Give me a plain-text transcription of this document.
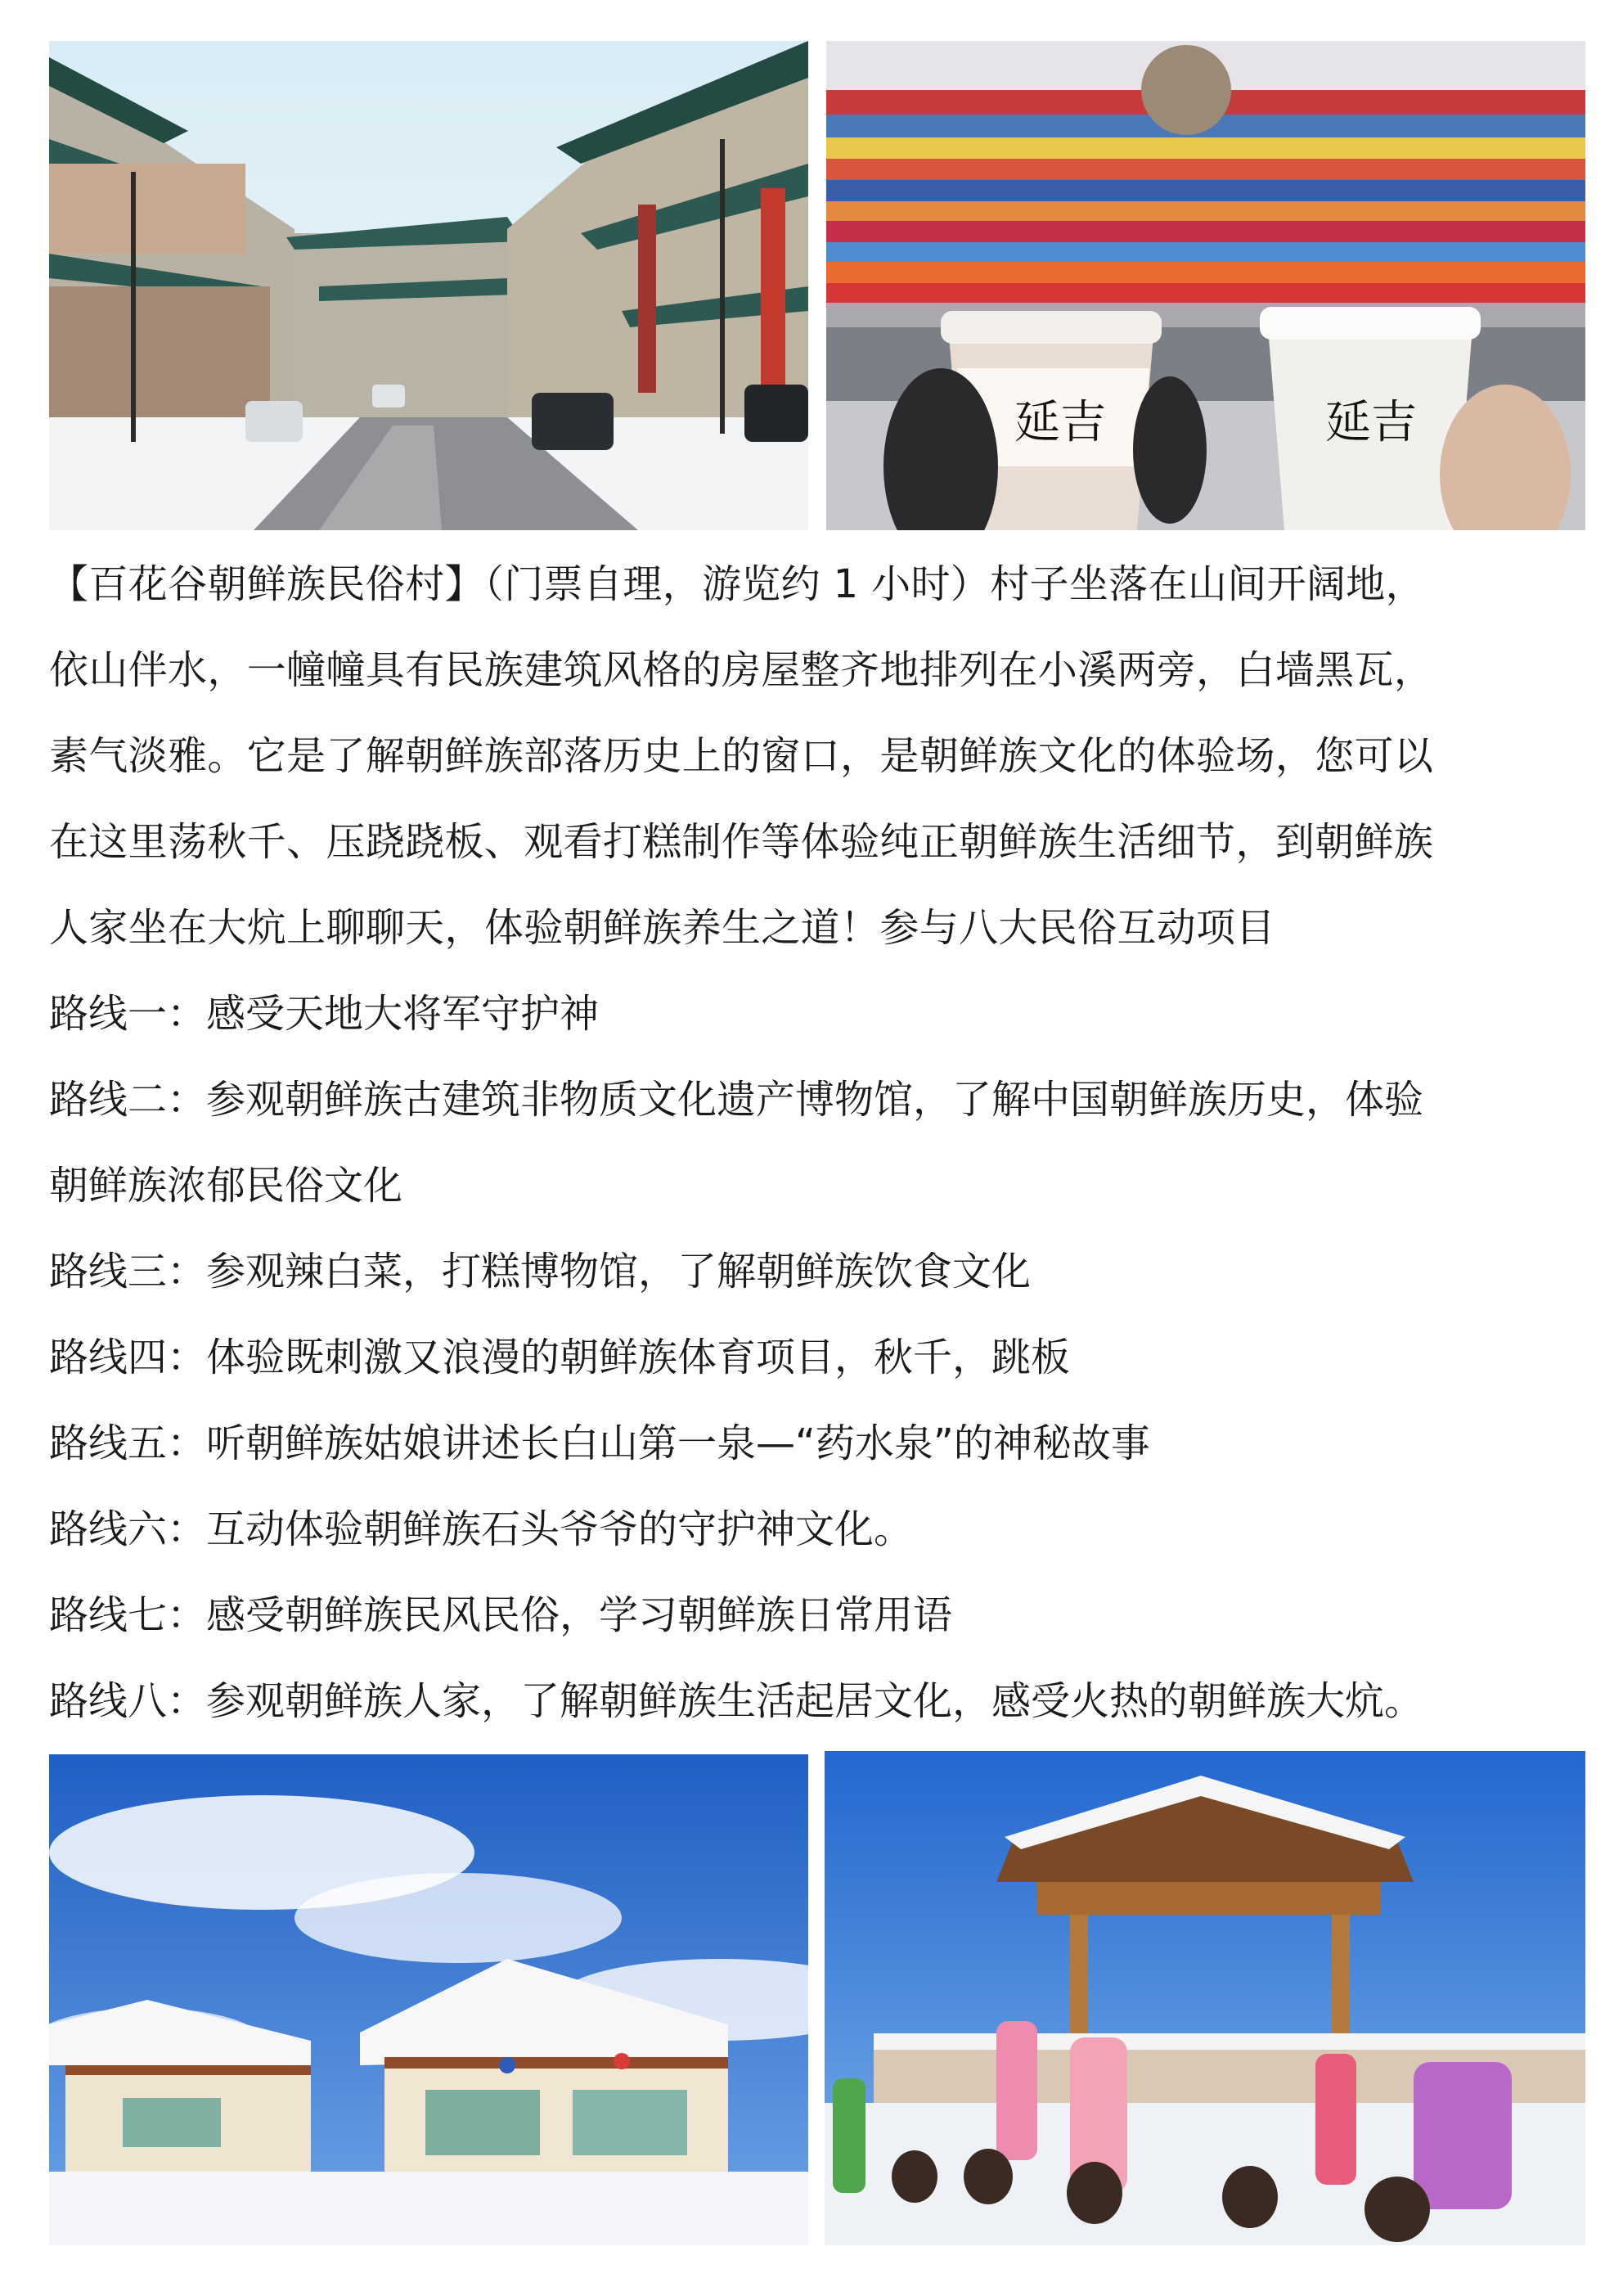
延吉	延吉

【百花谷朝鲜族民俗村】（门票自理，游览约 1 小时）村子坐落在山间开阔地，

依山伴水，一幢幢具有民族建筑风格的房屋整齐地排列在小溪两旁，白墙黑瓦，

素气淡雅。它是了解朝鲜族部落历史上的窗口，是朝鲜族文化的体验场，您可以

在这里荡秋千、压跷跷板、观看打糕制作等体验纯正朝鲜族生活细节，到朝鲜族

人家坐在大炕上聊聊天，体验朝鲜族养生之道！参与八大民俗互动项目

路线一：感受天地大将军守护神

路线二：参观朝鲜族古建筑非物质文化遗产博物馆，了解中国朝鲜族历史，体验

朝鲜族浓郁民俗文化

路线三：参观辣白菜，打糕博物馆，了解朝鲜族饮食文化

路线四：体验既刺激又浪漫的朝鲜族体育项目，秋千，跳板

路线五：听朝鲜族姑娘讲述长白山第一泉—“药水泉”的神秘故事

路线六：互动体验朝鲜族石头爷爷的守护神文化。

路线七：感受朝鲜族民风民俗，学习朝鲜族日常用语

路线八：参观朝鲜族人家，了解朝鲜族生活起居文化，感受火热的朝鲜族大炕。
